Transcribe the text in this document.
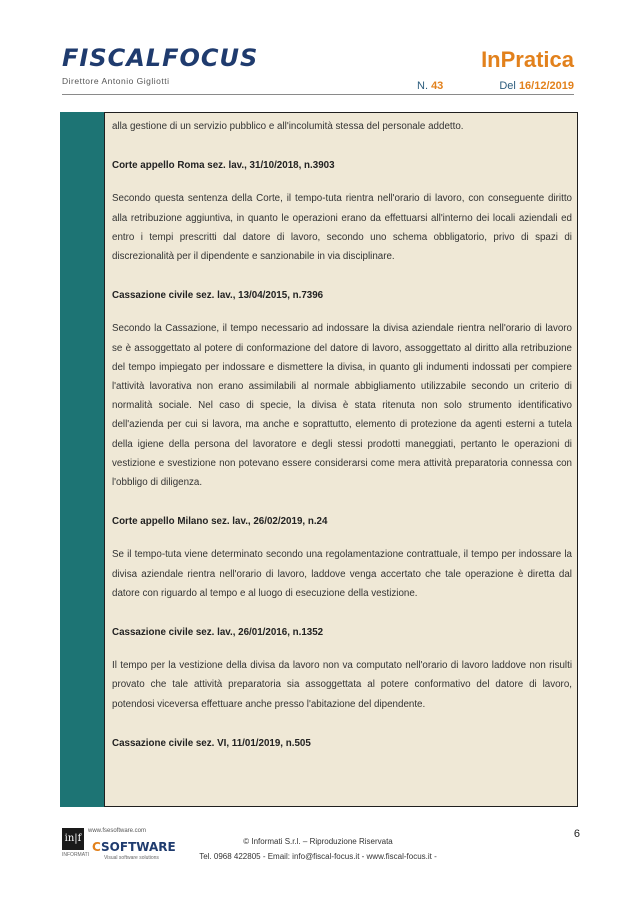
FISCALFOCUS
Direttore Antonio Gigliotti
InPratica
N. 43	Del 16/12/2019

alla gestione di un servizio pubblico e all'incolumità stessa del personale addetto.

Corte appello Roma sez. lav., 31/10/2018, n.3903

Secondo questa sentenza della Corte, il tempo-tuta rientra nell'orario di lavoro, con conseguente diritto alla retribuzione aggiuntiva, in quanto le operazioni erano da effettuarsi all'interno dei locali aziendali ed entro i tempi prescritti dal datore di lavoro, secondo uno schema obbligatorio, privo di spazi di discrezionalità per il dipendente e sanzionabile in via disciplinare.

Cassazione civile sez. lav., 13/04/2015, n.7396

Secondo la Cassazione, il tempo necessario ad indossare la divisa aziendale rientra nell'orario di lavoro se è assoggettato al potere di conformazione del datore di lavoro, assoggettato al diritto alla retribuzione del tempo impiegato per indossare e dismettere la divisa, in quanto gli indumenti indossati per compiere l'attività lavorativa non erano assimilabili al normale abbigliamento utilizzabile secondo un criterio di normalità sociale. Nel caso di specie, la divisa è stata ritenuta non solo strumento identificativo dell'azienda per cui si lavora, ma anche e soprattutto, elemento di protezione da agenti esterni a tutela della igiene della persona del lavoratore e degli stessi prodotti maneggiati, pertanto le operazioni di vestizione e svestizione non potevano essere considerarsi come mera attività preparatoria connessa con l'obbligo di diligenza.

Corte appello Milano sez. lav., 26/02/2019, n.24

Se il tempo-tuta viene determinato secondo una regolamentazione contrattuale, il tempo per indossare la divisa aziendale rientra nell'orario di lavoro, laddove venga accertato che tale operazione è diretta dal datore con riguardo al tempo e al luogo di esecuzione della vestizione.

Cassazione civile sez. lav., 26/01/2016, n.1352

Il tempo per la vestizione della divisa da lavoro non va computato nell'orario di lavoro laddove non risulti provato che tale attività preparatoria sia assoggettata al potere conformativo del datore di lavoro, potendosi viceversa effettuare anche presso l'abitazione del dipendente.

Cassazione civile sez. VI, 11/01/2019, n.505

in|f
INFORMATI
www.fsesoftware.com
CSOFTWARE
Visual software solutions
© Informati S.r.l. – Riproduzione Riservata
Tel. 0968 422805 - Email: info@fiscal-focus.it - www.fiscal-focus.it -
6
